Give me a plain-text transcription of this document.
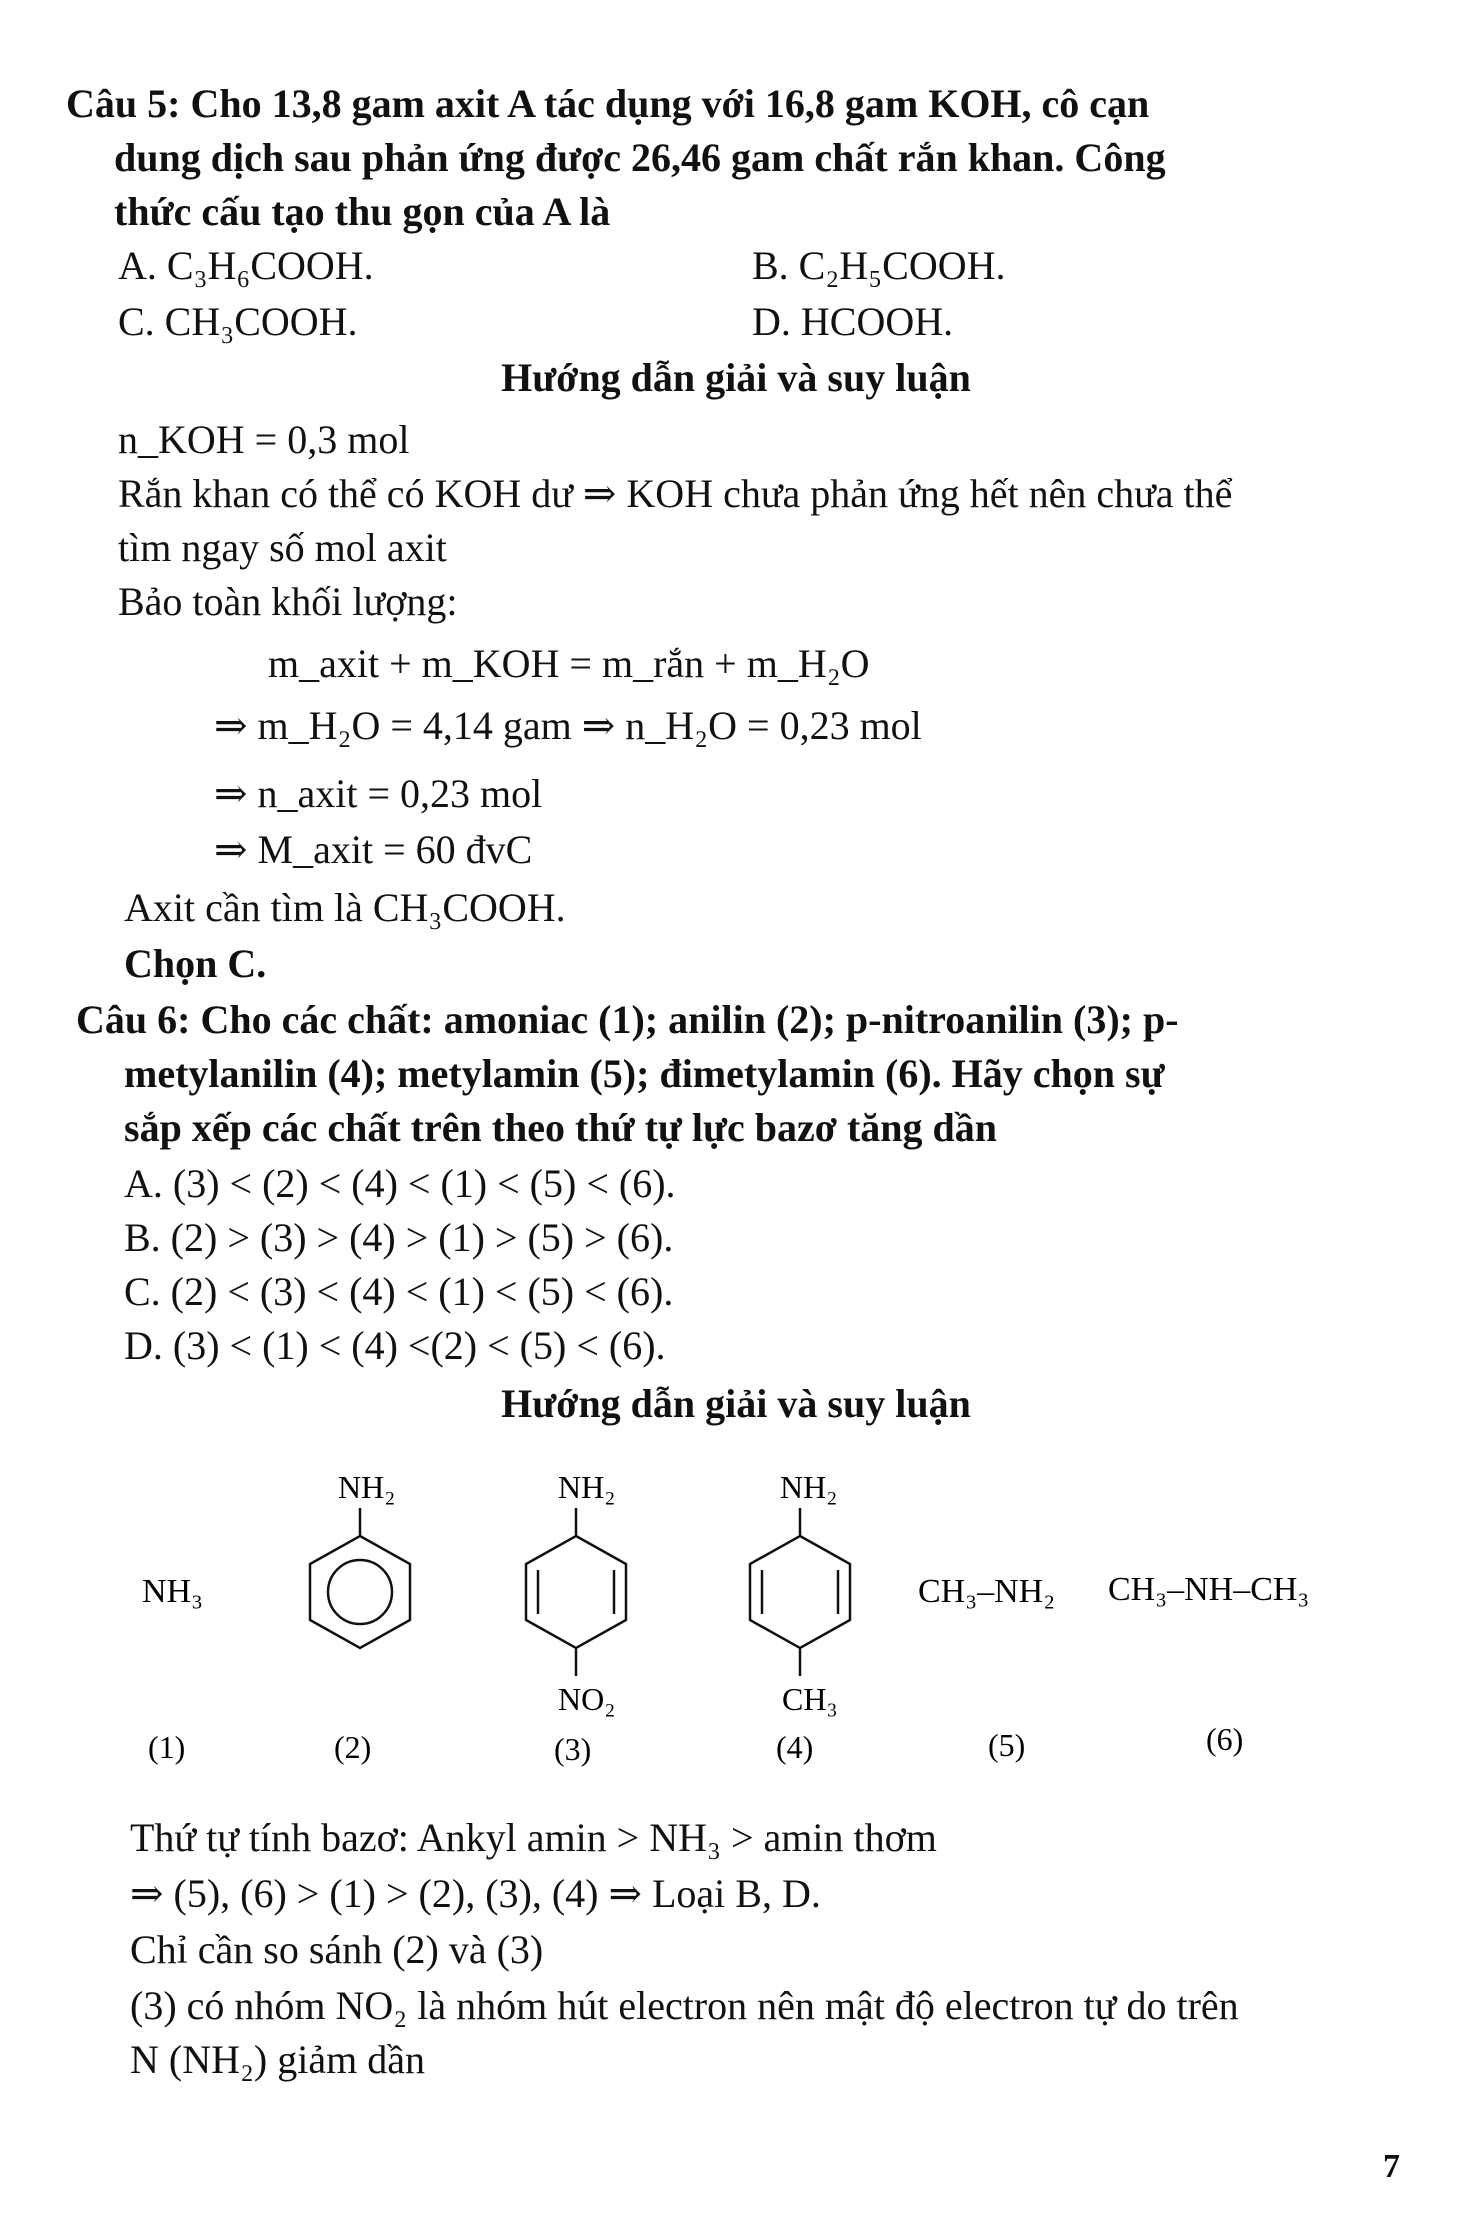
Câu 5: Cho 13,8 gam axit A tác dụng với 16,8 gam KOH, cô cạn
dung dịch sau phản ứng được 26,46 gam chất rắn khan. Công
thức cấu tạo thu gọn của A là
A. C₃H₆COOH.	B. C₂H₅COOH.
C. CH₃COOH.	D. HCOOH.
Hướng dẫn giải và suy luận
n_KOH = 0,3 mol
Rắn khan có thể có KOH dư ⇒ KOH chưa phản ứng hết nên chưa thể
tìm ngay số mol axit
Bảo toàn khối lượng:
m_axit + m_KOH = m_rắn + m_H₂O
⇒ m_H₂O = 4,14 gam ⇒ n_H₂O = 0,23 mol
⇒ n_axit = 0,23 mol
⇒ M_axit = 60 đvC
Axit cần tìm là CH₃COOH.
Chọn C.
Câu 6: Cho các chất: amoniac (1); anilin (2); p-nitroanilin (3); p-
metylanilin (4); metylamin (5); đimetylamin (6). Hãy chọn sự
sắp xếp các chất trên theo thứ tự lực bazơ tăng dần
A. (3) < (2) < (4) < (1) < (5) < (6).
B. (2) > (3) > (4) > (1) > (5) > (6).
C. (2) < (3) < (4) < (1) < (5) < (6).
D. (3) < (1) < (4) <(2) < (5) < (6).
Hướng dẫn giải và suy luận
NH₃
NH₂	NH₂
NO₂
NH₂
CH₃
CH₃–NH₂ CH₃–NH–CH₃
(1)	(2)	(3)	(4)	(5)	(6)
Thứ tự tính bazơ: Ankyl amin > NH₃ > amin thơm
⇒ (5), (6) > (1) > (2), (3), (4) ⇒ Loại B, D.
Chỉ cần so sánh (2) và (3)
(3) có nhóm NO₂ là nhóm hút electron nên mật độ electron tự do trên
N (NH₂) giảm dần
7
